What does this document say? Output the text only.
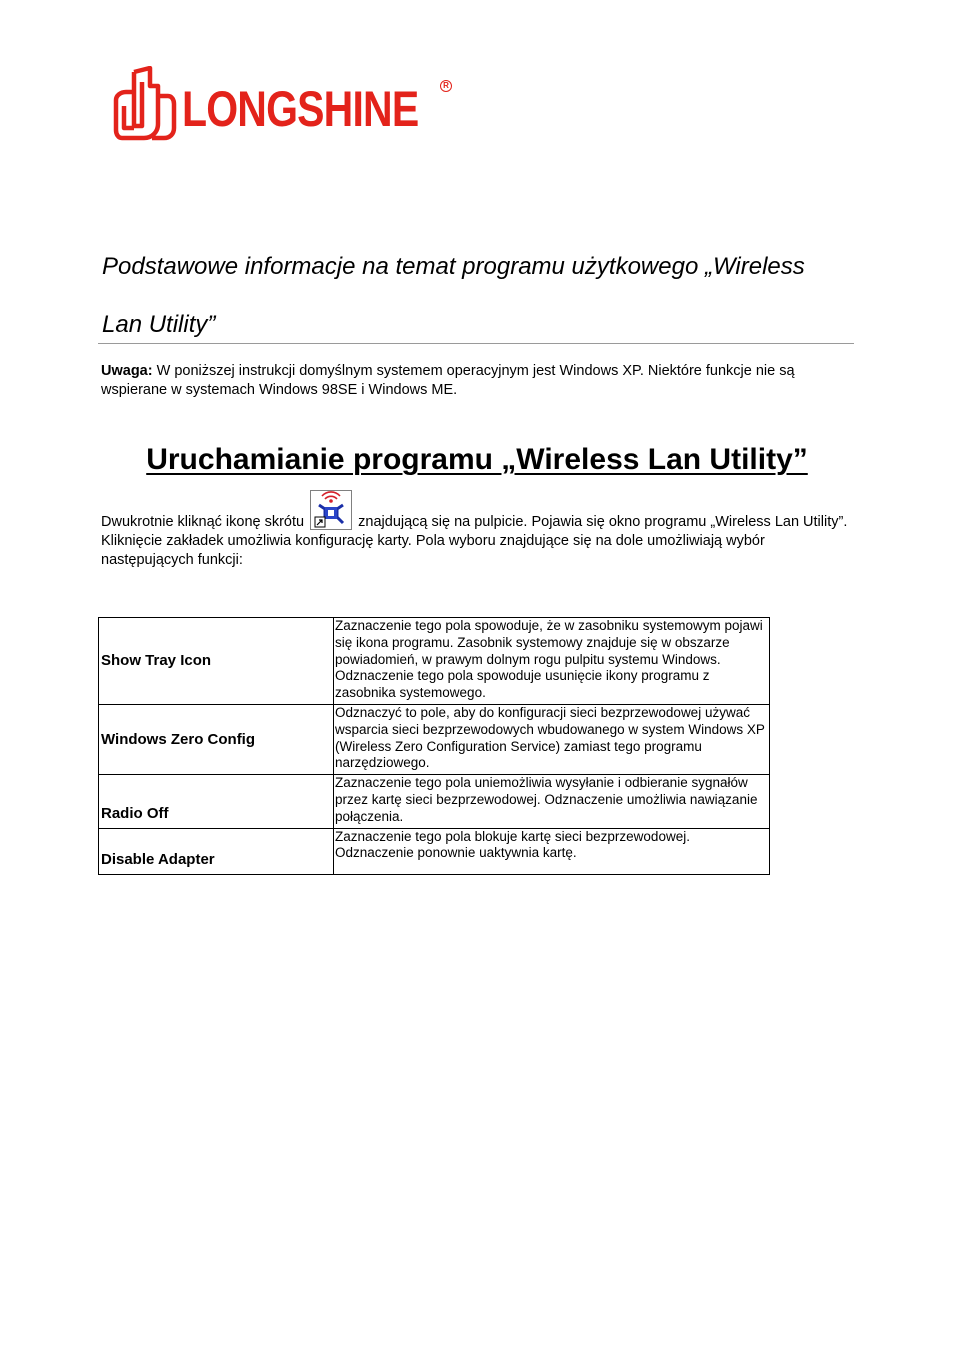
LONGSHINE	R
Podstawowe informacje na temat programu użytkowego „Wireless
Lan Utility”

Uwaga: W poniższej instrukcji domyślnym systemem operacyjnym jest Windows XP. Niektóre funkcje nie są wspierane w systemach Windows 98SE i Windows ME.

Uruchamianie programu „Wireless Lan Utility”

Dwukrotnie kliknąć ikonę skrótu	znajdującą się na pulpicie. Pojawia się okno programu „Wireless Lan Utility”.
Kliknięcie zakładek umożliwia konfigurację karty. Pola wyboru znajdujące się na dole umożliwiają wybór następujących funkcji:

Show Tray Icon	Zaznaczenie tego pola spowoduje, że w zasobniku systemowym pojawi się ikona programu. Zasobnik systemowy znajduje się w obszarze powiadomień, w prawym dolnym rogu pulpitu systemu Windows. Odznaczenie tego pola spowoduje usunięcie ikony programu z zasobnika systemowego.
Windows Zero Config	Odznaczyć to pole, aby do konfiguracji sieci bezprzewodowej używać wsparcia sieci bezprzewodowych wbudowanego w system Windows XP (Wireless Zero Configuration Service) zamiast tego programu narzędziowego.
Radio Off	Zaznaczenie tego pola uniemożliwia wysyłanie i odbieranie sygnałów przez kartę sieci bezprzewodowej. Odznaczenie umożliwia nawiązanie połączenia.
Disable Adapter	Zaznaczenie tego pola blokuje kartę sieci bezprzewodowej. Odznaczenie ponownie uaktywnia kartę.
